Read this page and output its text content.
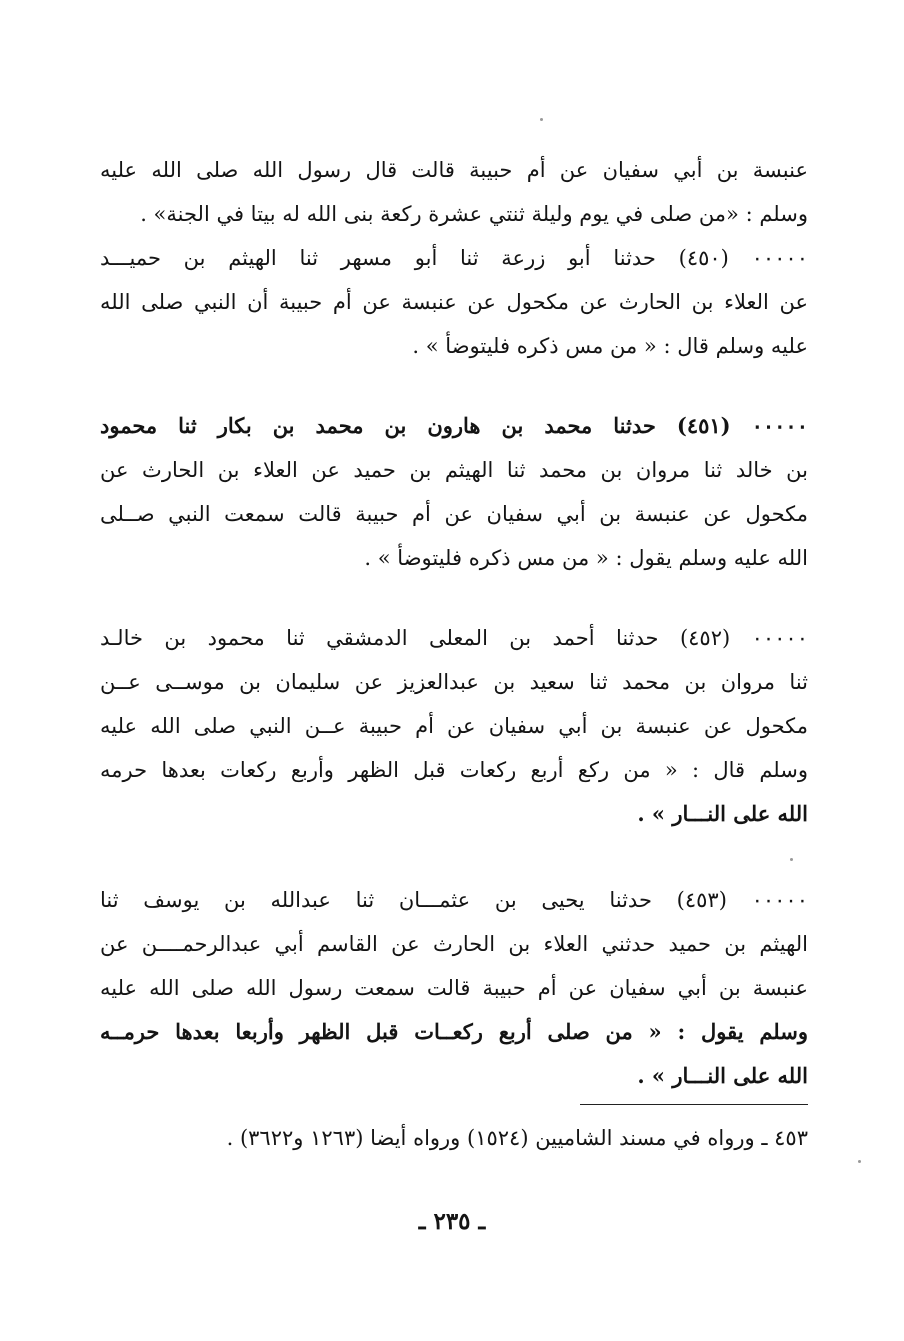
عنبسة بن أبي سفيان عن أم حبيبة قالت قال رسول الله صلى الله عليه
وسلم : «من صلى في يوم وليلة ثنتي عشرة ركعة بنى الله له بيتا في الجنة» .
٠٠٠٠٠ (٤٥٠) حدثنا أبو زرعة ثنا أبو مسهر ثنا الهيثم بن حميـــد
عن العلاء بن الحارث عن مكحول عن عنبسة عن أم حبيبة أن النبي صلى الله
عليه وسلم قال : « من مس ذكره فليتوضأ » .
٠٠٠٠٠ (٤٥١) حدثنا محمد بن هارون بن محمد بن بكار ثنا محمود
بن خالد ثنا مروان بن محمد ثنا الهيثم بن حميد عن العلاء بن الحارث عن
مكحول عن عنبسة بن أبي سفيان عن أم حبيبة قالت سمعت النبي صــلى
الله عليه وسلم يقول : « من مس ذكره فليتوضأ » .
٠٠٠٠٠ (٤٥٢) حدثنا أحمد بن المعلى الدمشقي ثنا محمود بن خالـد
ثنا مروان بن محمد ثنا سعيد بن عبدالعزيز عن سليمان بن موســى عــن
مكحول عن عنبسة بن أبي سفيان عن أم حبيبة عــن النبي صلى الله عليه
وسلم قال : « من ركع أربع ركعات قبل الظهر وأربع ركعات بعدها حرمه
الله على النـــار » .
٠٠٠٠٠ (٤٥٣) حدثنا يحيى بن عثمـــان ثنا عبدالله بن يوسف ثنا
الهيثم بن حميد حدثني العلاء بن الحارث عن القاسم أبي عبدالرحمــــن عن
عنبسة بن أبي سفيان عن أم حبيبة قالت سمعت رسول الله صلى الله عليه
وسلم يقول : « من صلى أربع ركعــات قبل الظهر وأربعا بعدها حرمــه
الله على النـــار » .
٤٥٣ ـ ورواه في مسند الشاميين (١٥٢٤) ورواه أيضا (١٢٦٣ و٣٦٢٢) .
ـ ٢٣٥ ـ
